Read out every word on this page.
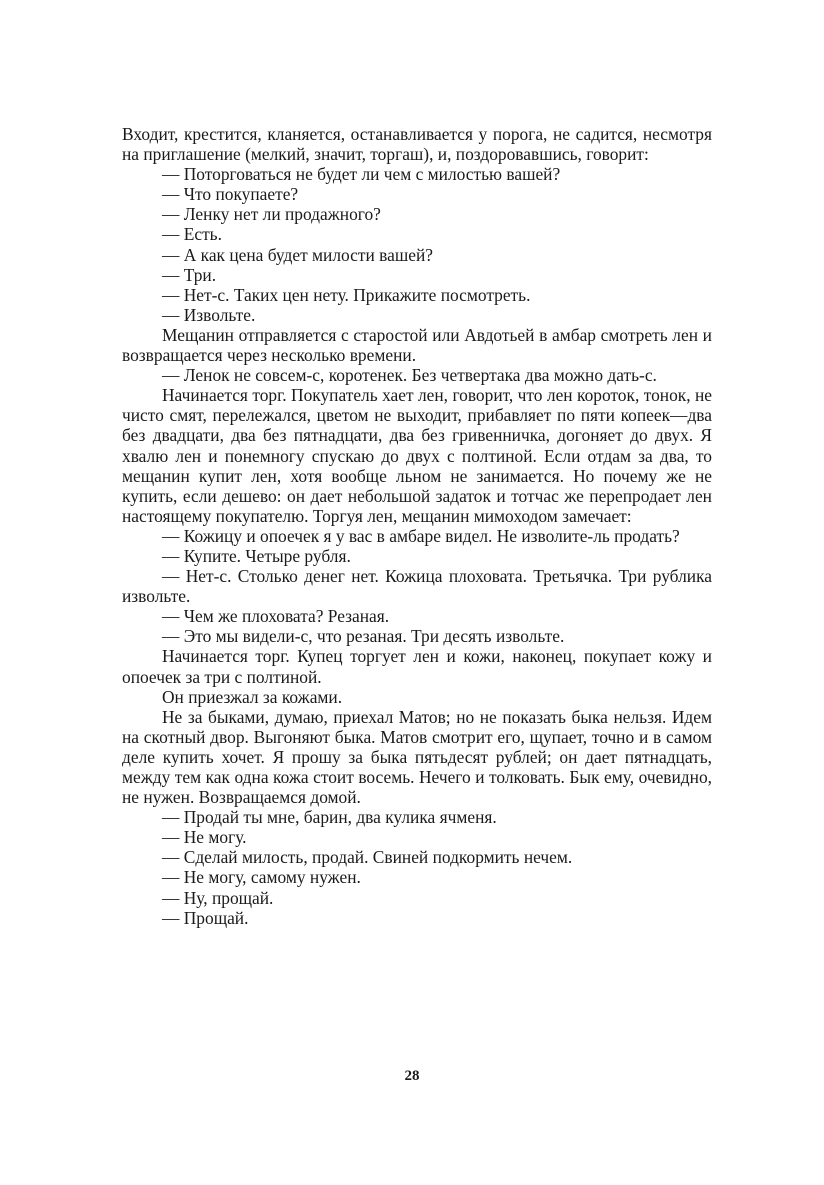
Входит, крестится, кланяется, останавливается у порога, не садится, несмотря на приглашение (мелкий, значит, торгаш), и, поздоровавшись, говорит:

— Поторговаться не будет ли чем с милостью вашей?

— Что покупаете?

— Ленку нет ли продажного?

— Есть.

— А как цена будет милости вашей?

— Три.

— Нет-с. Таких цен нету. Прикажите посмотреть.

— Извольте.

Мещанин отправляется с старостой или Авдотьей в амбар смотреть лен и возвращается через несколько времени.

— Ленок не совсем-с, коротенек. Без четвертака два можно дать-с.

Начинается торг. Покупатель хает лен, говорит, что лен короток, тонок, не чисто смят, перележался, цветом не выходит, прибавляет по пяти копеек—два без двадцати, два без пятнадцати, два без гривенничка, догоняет до двух. Я хвалю лен и понемногу спускаю до двух с полтиной. Если отдам за два, то мещанин купит лен, хотя вообще льном не занимается. Но почему же не купить, если дешево: он дает небольшой задаток и тотчас же перепродает лен настоящему покупателю. Торгуя лен, мещанин мимоходом замечает:

— Кожицу и опоечек я у вас в амбаре видел. Не изволите-ль продать?

— Купите. Четыре рубля.

— Нет-с. Столько денег нет. Кожица плоховата. Третьячка. Три рублика извольте.

— Чем же плоховата? Резаная.

— Это мы видели-с, что резаная. Три десять извольте.

Начинается торг. Купец торгует лен и кожи, наконец, покупает кожу и опоечек за три с полтиной.

Он приезжал за кожами.

Не за быками, думаю, приехал Матов; но не показать быка нельзя. Идем на скотный двор. Выгоняют быка. Матов смотрит его, щупает, точно и в самом деле купить хочет. Я прошу за быка пятьдесят рублей; он дает пятнадцать, между тем как одна кожа стоит восемь. Нечего и толковать. Бык ему, очевидно, не нужен. Возвращаемся домой.

— Продай ты мне, барин, два кулика ячменя.

— Не могу.

— Сделай милость, продай. Свиней подкормить нечем.

— Не могу, самому нужен.

— Ну, прощай.

— Прощай.

28
